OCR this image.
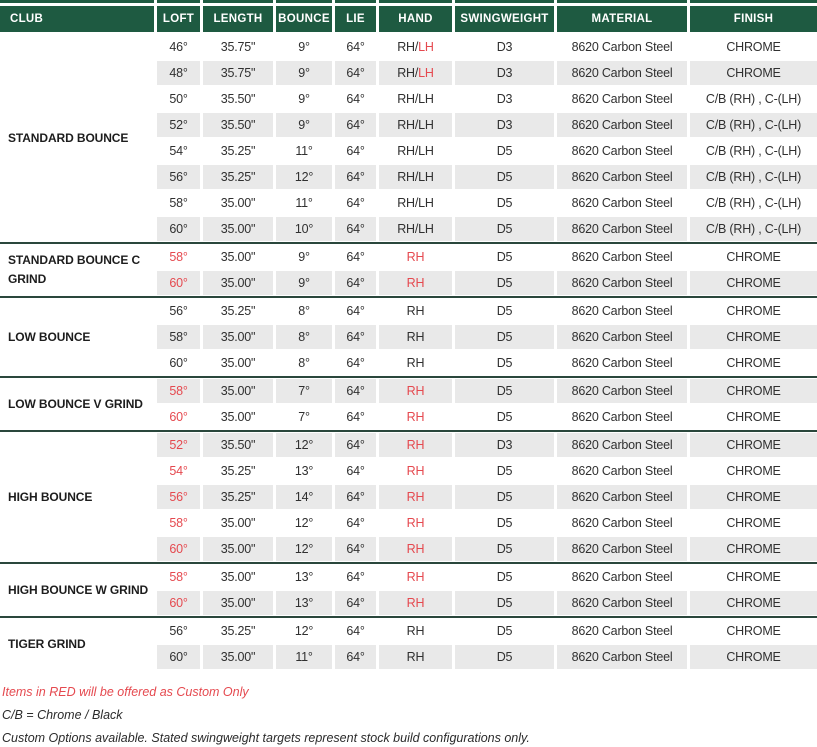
CLUB	LOFT	LENGTH	BOUNCE	LIE	HAND	SWINGWEIGHT	MATERIAL	FINISH
STANDARD BOUNCE
46°	35.75"	9°	64°	RH/LH	D3	8620 Carbon Steel	CHROME
48°	35.75"	9°	64°	RH/LH	D3	8620 Carbon Steel	CHROME
50°	35.50"	9°	64°	RH/LH	D3	8620 Carbon Steel	C/B (RH) , C-(LH)
52°	35.50"	9°	64°	RH/LH	D3	8620 Carbon Steel	C/B (RH) , C-(LH)
54°	35.25"	11°	64°	RH/LH	D5	8620 Carbon Steel	C/B (RH) , C-(LH)
56°	35.25"	12°	64°	RH/LH	D5	8620 Carbon Steel	C/B (RH) , C-(LH)
58°	35.00"	11°	64°	RH/LH	D5	8620 Carbon Steel	C/B (RH) , C-(LH)
60°	35.00"	10°	64°	RH/LH	D5	8620 Carbon Steel	C/B (RH) , C-(LH)
STANDARD BOUNCE C GRIND
58°	35.00"	9°	64°	RH	D5	8620 Carbon Steel	CHROME
60°	35.00"	9°	64°	RH	D5	8620 Carbon Steel	CHROME
LOW BOUNCE
56°	35.25"	8°	64°	RH	D5	8620 Carbon Steel	CHROME
58°	35.00"	8°	64°	RH	D5	8620 Carbon Steel	CHROME
60°	35.00"	8°	64°	RH	D5	8620 Carbon Steel	CHROME
LOW BOUNCE V GRIND
58°	35.00"	7°	64°	RH	D5	8620 Carbon Steel	CHROME
60°	35.00"	7°	64°	RH	D5	8620 Carbon Steel	CHROME
HIGH BOUNCE
52°	35.50"	12°	64°	RH	D3	8620 Carbon Steel	CHROME
54°	35.25"	13°	64°	RH	D5	8620 Carbon Steel	CHROME
56°	35.25"	14°	64°	RH	D5	8620 Carbon Steel	CHROME
58°	35.00"	12°	64°	RH	D5	8620 Carbon Steel	CHROME
60°	35.00"	12°	64°	RH	D5	8620 Carbon Steel	CHROME
HIGH BOUNCE W GRIND
58°	35.00"	13°	64°	RH	D5	8620 Carbon Steel	CHROME
60°	35.00"	13°	64°	RH	D5	8620 Carbon Steel	CHROME
TIGER GRIND
56°	35.25"	12°	64°	RH	D5	8620 Carbon Steel	CHROME
60°	35.00"	11°	64°	RH	D5	8620 Carbon Steel	CHROME
Items in RED will be offered as Custom Only
C/B = Chrome / Black
Custom Options available. Stated swingweight targets represent stock build configurations only.
